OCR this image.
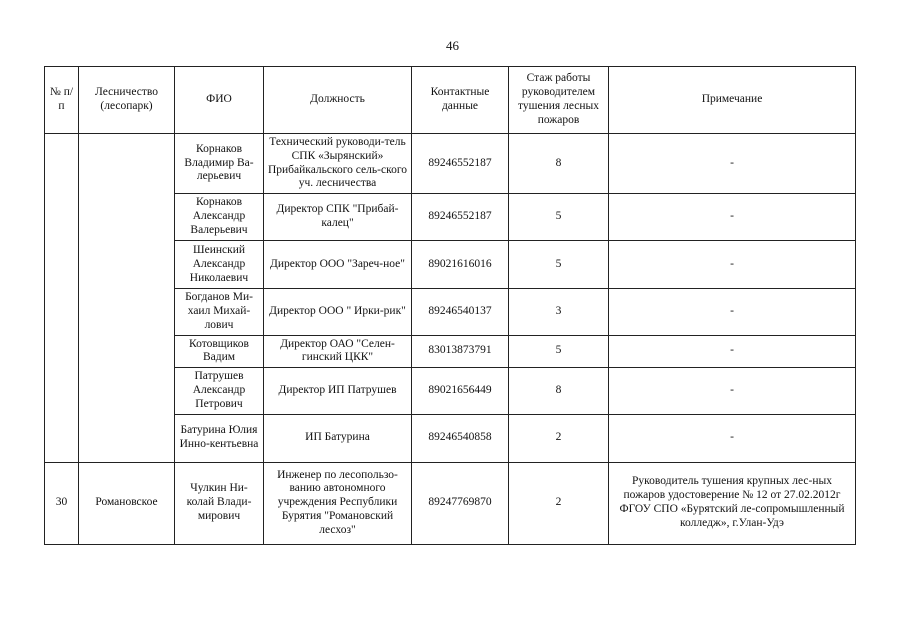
46
№ п/п	Лесничество (лесопарк)	ФИО	Должность	Контактные данные	Стаж работы руководителем тушения лесных пожаров	Примечание
		Корнаков Владимир Ва-лерьевич	Технический руководи-тель СПК «Зырянский» Прибайкальского сель-ского уч. лесничества	89246552187	8	-
		Корнаков Александр Валерьевич	Директор СПК "Прибай-калец"	89246552187	5	-
		Шеинский Александр Николаевич	Директор ООО "Зареч-ное"	89021616016	5	-
		Богданов Ми-хаил Михай-лович	Директор ООО " Ирки-рик"	89246540137	3	-
		Котовщиков Вадим	Директор ОАО "Селен-гинский ЦКК"	83013873791	5	-
		Патрушев Александр Петрович	Директор ИП Патрушев	89021656449	8	-
		Батурина Юлия Инно-кентьевна	ИП Батурина	89246540858	2	-
30	Романовское	Чулкин Ни-колай Влади-мирович	Инженер по лесопользо-ванию автономного учреждения Республики Бурятия "Романовский лесхоз"	89247769870	2	Руководитель тушения крупных лес-ных пожаров удостоверение № 12 от 27.02.2012г ФГОУ СПО «Бурятский ле-сопромышленный колледж», г.Улан-Удэ
